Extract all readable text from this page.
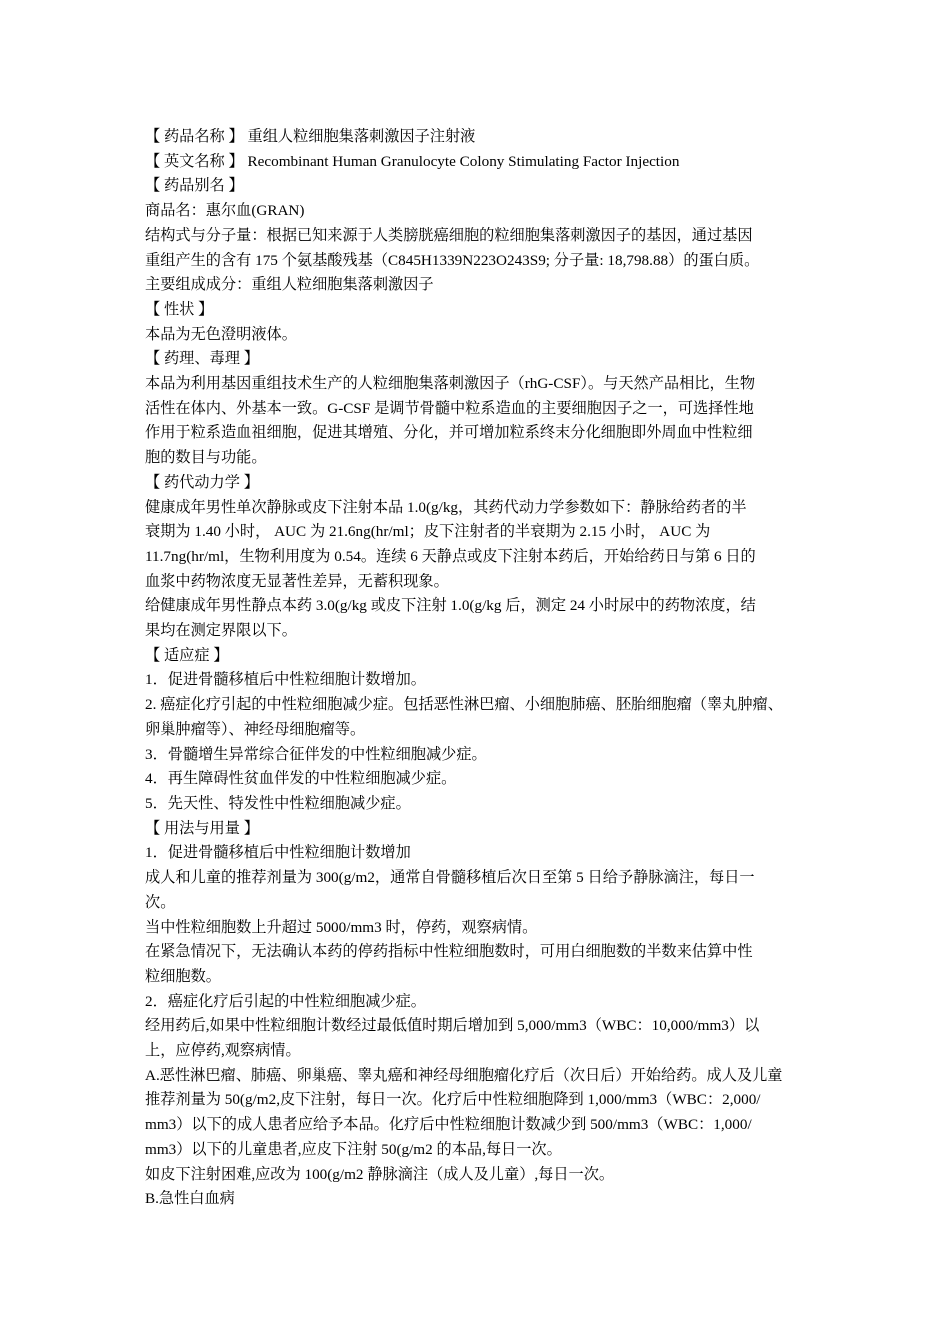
【 药品名称 】 重组人粒细胞集落刺激因子注射液

【 英文名称 】 Recombinant Human Granulocyte Colony Stimulating Factor Injection

【 药品别名 】

商品名：惠尔血(GRAN)

结构式与分子量：根据已知来源于人类膀胱癌细胞的粒细胞集落刺激因子的基因，通过基因

重组产生的含有 175 个氨基酸残基（C845H1339N223O243S9; 分子量: 18,798.88）的蛋白质。

主要组成成分：重组人粒细胞集落刺激因子

【 性状 】

本品为无色澄明液体。

【 药理、毒理 】

本品为利用基因重组技术生产的人粒细胞集落刺激因子（rhG-CSF）。与天然产品相比，生物

活性在体内、外基本一致。G-CSF 是调节骨髓中粒系造血的主要细胞因子之一，可选择性地

作用于粒系造血祖细胞，促进其增殖、分化，并可增加粒系终末分化细胞即外周血中性粒细

胞的数目与功能。

【 药代动力学 】

健康成年男性单次静脉或皮下注射本品 1.0(g/kg，其药代动力学参数如下：静脉给药者的半

衰期为 1.40 小时， AUC 为 21.6ng(hr/ml；皮下注射者的半衰期为 2.15 小时， AUC 为

11.7ng(hr/ml，生物利用度为 0.54。连续 6 天静点或皮下注射本药后，开始给药日与第 6 日的

血浆中药物浓度无显著性差异，无蓄积现象。

给健康成年男性静点本药 3.0(g/kg 或皮下注射 1.0(g/kg 后，测定 24 小时尿中的药物浓度，结

果均在测定界限以下。

【 适应症 】

1．促进骨髓移植后中性粒细胞计数增加。

2. 癌症化疗引起的中性粒细胞减少症。包括恶性淋巴瘤、小细胞肺癌、胚胎细胞瘤（睾丸肿瘤、

卵巢肿瘤等）、神经母细胞瘤等。

3．骨髓增生异常综合征伴发的中性粒细胞减少症。

4．再生障碍性贫血伴发的中性粒细胞减少症。

5．先天性、特发性中性粒细胞减少症。

【 用法与用量 】

1．促进骨髓移植后中性粒细胞计数增加

成人和儿童的推荐剂量为 300(g/m2，通常自骨髓移植后次日至第 5 日给予静脉滴注，每日一

次。

当中性粒细胞数上升超过 5000/mm3 时，停药，观察病情。

在紧急情况下，无法确认本药的停药指标中性粒细胞数时，可用白细胞数的半数来估算中性

粒细胞数。

2．癌症化疗后引起的中性粒细胞减少症。

经用药后,如果中性粒细胞计数经过最低值时期后增加到 5,000/mm3（WBC：10,000/mm3）以

上，应停药,观察病情。

A.恶性淋巴瘤、肺癌、卵巢癌、睾丸癌和神经母细胞瘤化疗后（次日后）开始给药。成人及儿童

推荐剂量为 50(g/m2,皮下注射，每日一次。化疗后中性粒细胞降到 1,000/mm3（WBC：2,000/

mm3）以下的成人患者应给予本品。化疗后中性粒细胞计数减少到 500/mm3（WBC：1,000/

mm3）以下的儿童患者,应皮下注射 50(g/m2 的本品,每日一次。

如皮下注射困难,应改为 100(g/m2 静脉滴注（成人及儿童）,每日一次。

B.急性白血病
